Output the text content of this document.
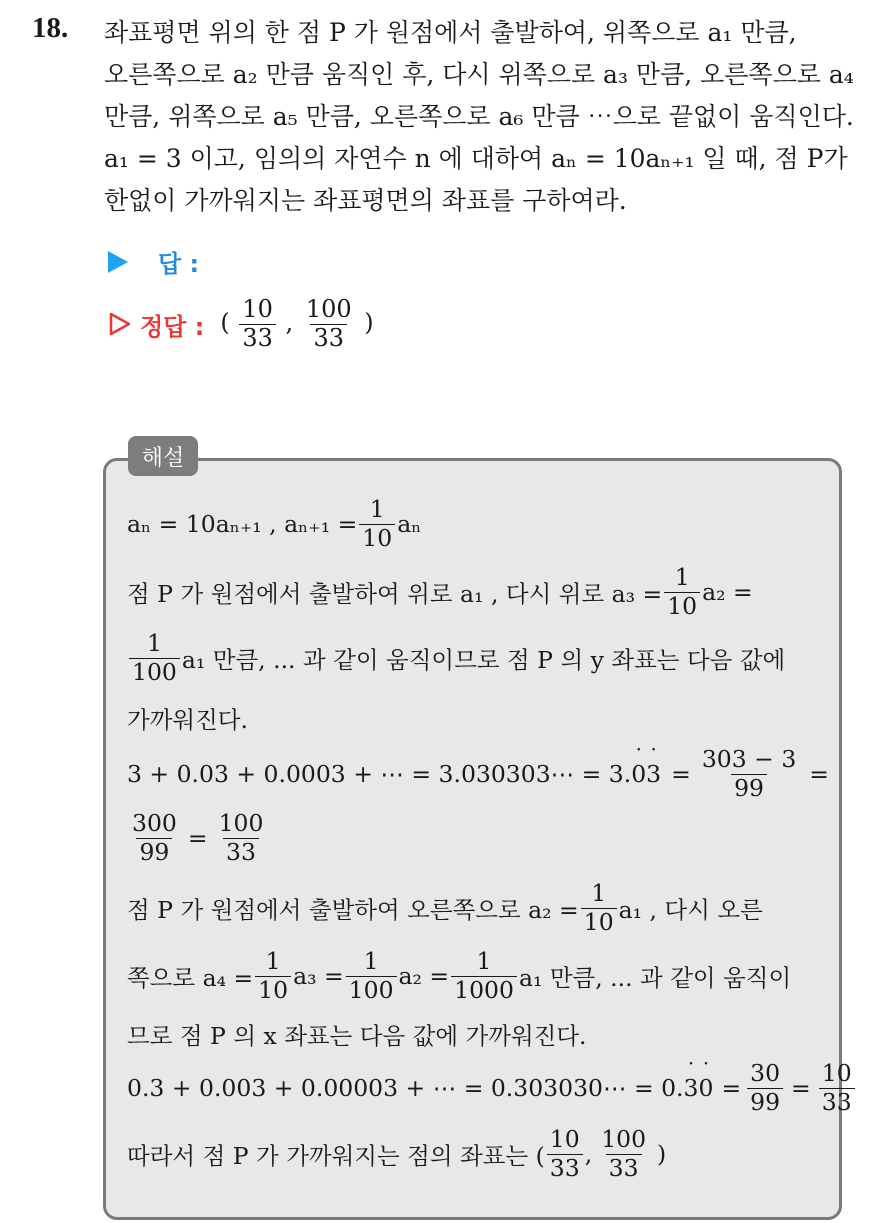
18. 좌표평면 위의 한 점 P 가 원점에서 출발하여, 위쪽으로 a₁ 만큼,
오른쪽으로 a₂ 만큼 움직인 후, 다시 위쪽으로 a₃ 만큼, 오른쪽으로 a₄
만큼, 위쪽으로 a₅ 만큼, 오른쪽으로 a₆ 만큼 ⋯으로 끝없이 움직인다.
a₁ = 3 이고, 임의의 자연수 n 에 대하여 aₙ = 10aₙ₊₁ 일 때, 점 P가
한없이 가까워지는 좌표평면의 좌표를 구하여라.
답 :
정답 : ( $\frac{10}{33}$ , $\frac{100}{33}$ )
해설
aₙ = 10aₙ₊₁ , $a_{n+1} = \frac{1}{10}$ aₙ
점 P 가 원점에서 출발하여 위로 a₁ , 다시 위로 $a_3 = \frac{1}{10} a_2$ =
$\frac{1}{100} a_1$ 만큼, ... 과 같이 움직이므로 점 P 의 y 좌표는 다음 값에
가까워진다.
3 + 0.03 + 0.0003 + ⋯ = 3.030303⋯ = 3. ˙ 0 ˙ $3 = \frac{303 - 3}{99}$ =
$\frac{300}{99} = \frac{100}{33}$
점 P 가 원점에서 출발하여 오른쪽으로 $a_2 = \frac{1}{10} a_1$ , 다시 오른
쪽으로 $a_4 = \frac{1}{10} a_3 = \frac{1}{100} a_2 = \frac{1}{1000} a_1$ 만큼, ... 과 같이 움직이
므로 점 P 의 x 좌표는 다음 값에 가까워진다.
0.3 + 0.003 + 0.00003 + ⋯ = 0.303030⋯ = 0. ˙ 3 ˙ $0 = \frac{30}{99} = \frac{10}{33}$
따라서 점 P 가 가까워지는 점의 좌표는 ( $\frac{10}{33}$ , $\frac{100}{33}$ )
